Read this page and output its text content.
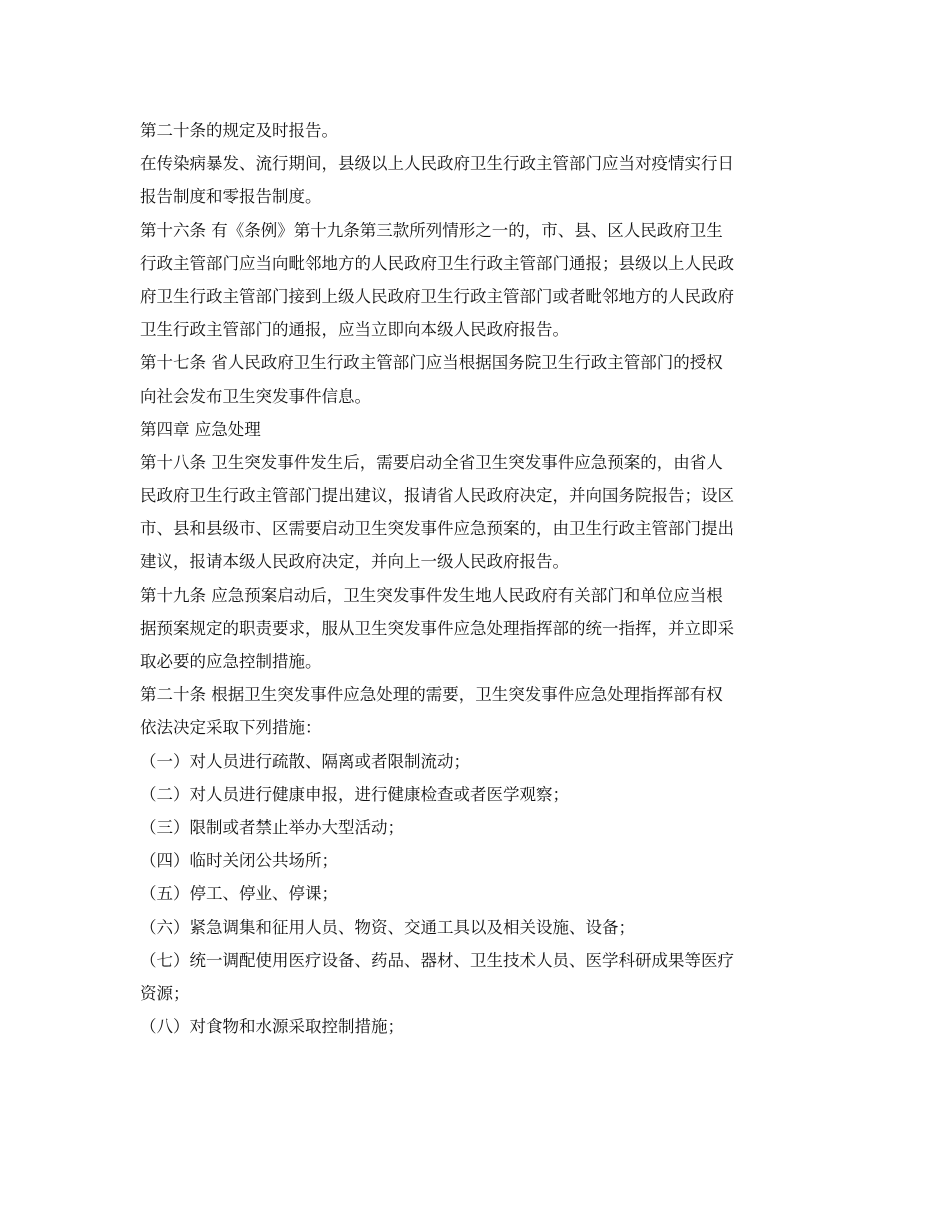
第二十条的规定及时报告。
在传染病暴发、流行期间，县级以上人民政府卫生行政主管部门应当对疫情实行日
报告制度和零报告制度。
第十六条 有《条例》第十九条第三款所列情形之一的，市、县、区人民政府卫生
行政主管部门应当向毗邻地方的人民政府卫生行政主管部门通报；县级以上人民政
府卫生行政主管部门接到上级人民政府卫生行政主管部门或者毗邻地方的人民政府
卫生行政主管部门的通报，应当立即向本级人民政府报告。
第十七条 省人民政府卫生行政主管部门应当根据国务院卫生行政主管部门的授权
向社会发布卫生突发事件信息。
第四章 应急处理
第十八条 卫生突发事件发生后，需要启动全省卫生突发事件应急预案的，由省人
民政府卫生行政主管部门提出建议，报请省人民政府决定，并向国务院报告；设区
市、县和县级市、区需要启动卫生突发事件应急预案的，由卫生行政主管部门提出
建议，报请本级人民政府决定，并向上一级人民政府报告。
第十九条 应急预案启动后，卫生突发事件发生地人民政府有关部门和单位应当根
据预案规定的职责要求，服从卫生突发事件应急处理指挥部的统一指挥，并立即采
取必要的应急控制措施。
第二十条 根据卫生突发事件应急处理的需要，卫生突发事件应急处理指挥部有权
依法决定采取下列措施：
（一）对人员进行疏散、隔离或者限制流动；
（二）对人员进行健康申报，进行健康检查或者医学观察；
（三）限制或者禁止举办大型活动；
（四）临时关闭公共场所；
（五）停工、停业、停课；
（六）紧急调集和征用人员、物资、交通工具以及相关设施、设备；
（七）统一调配使用医疗设备、药品、器材、卫生技术人员、医学科研成果等医疗
资源；
（八）对食物和水源采取控制措施；
